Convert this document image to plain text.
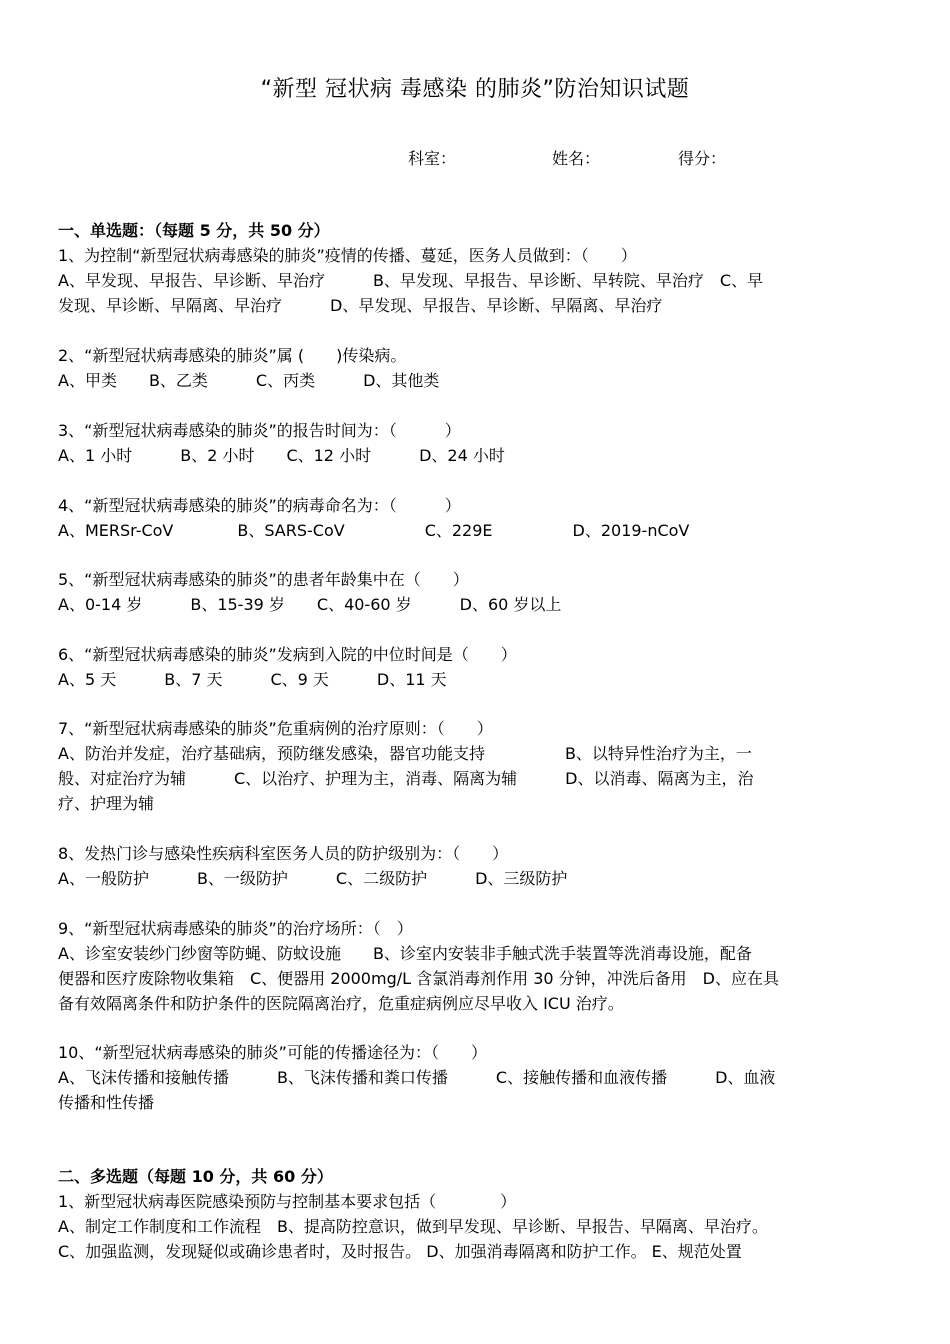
“新型 冠状病 毒感染 的肺炎”防治知识试题
科室：	姓名：	得分：
一、单选题：（每题 5 分，共 50 分）
1、为控制“新型冠状病毒感染的肺炎”疫情的传播、蔓延，医务人员做到：（　　）
A、早发现、早报告、早诊断、早治疗　　　B、早发现、早报告、早诊断、早转院、早治疗　C、早
发现、早诊断、早隔离、早治疗　　　D、早发现、早报告、早诊断、早隔离、早治疗
2、“新型冠状病毒感染的肺炎”属 (　　)传染病。
A、甲类　　B、乙类　　　C、丙类　　　D、其他类
3、“新型冠状病毒感染的肺炎”的报告时间为：（　　　）
A、1 小时　　　B、2 小时　　C、12 小时　　　D、24 小时
4、“新型冠状病毒感染的肺炎”的病毒命名为：（　　　）
A、MERSr-CoV　　　　B、SARS-CoV　　　　　C、229E　　　　　D、2019-nCoV
5、“新型冠状病毒感染的肺炎”的患者年龄集中在（　　）
A、0-14 岁　　　B、15-39 岁　　C、40-60 岁　　　D、60 岁以上
6、“新型冠状病毒感染的肺炎”发病到入院的中位时间是（　　）
A、5 天　　　B、7 天　　　C、9 天　　　D、11 天
7、“新型冠状病毒感染的肺炎”危重病例的治疗原则：（　　）
A、防治并发症，治疗基础病，预防继发感染，器官功能支持　　　　　B、以特异性治疗为主，一
般、对症治疗为辅　　　C、以治疗、护理为主，消毒、隔离为辅　　　D、以消毒、隔离为主，治
疗、护理为辅
8、发热门诊与感染性疾病科室医务人员的防护级别为：（　　）
A、一般防护　　　B、一级防护　　　C、二级防护　　　D、三级防护
9、“新型冠状病毒感染的肺炎”的治疗场所：（　）
A、诊室安装纱门纱窗等防蝇、防蚊设施　　B、诊室内安装非手触式洗手装置等洗消毒设施，配备
便器和医疗废除物收集箱　C、便器用 2000mg/L 含氯消毒剂作用 30 分钟，冲洗后备用　D、应在具
备有效隔离条件和防护条件的医院隔离治疗，危重症病例应尽早收入 ICU 治疗。
10、“新型冠状病毒感染的肺炎”可能的传播途径为：（　　）
A、飞沫传播和接触传播　　　B、飞沫传播和粪口传播　　　C、接触传播和血液传播　　　D、血液
传播和性传播
二、多选题（每题 10 分，共 60 分）
1、新型冠状病毒医院感染预防与控制基本要求包括（　　　　）
A、制定工作制度和工作流程　B、提高防控意识，做到早发现、早诊断、早报告、早隔离、早治疗。
C、加强监测，发现疑似或确诊患者时，及时报告。 D、加强消毒隔离和防护工作。 E、规范处置
